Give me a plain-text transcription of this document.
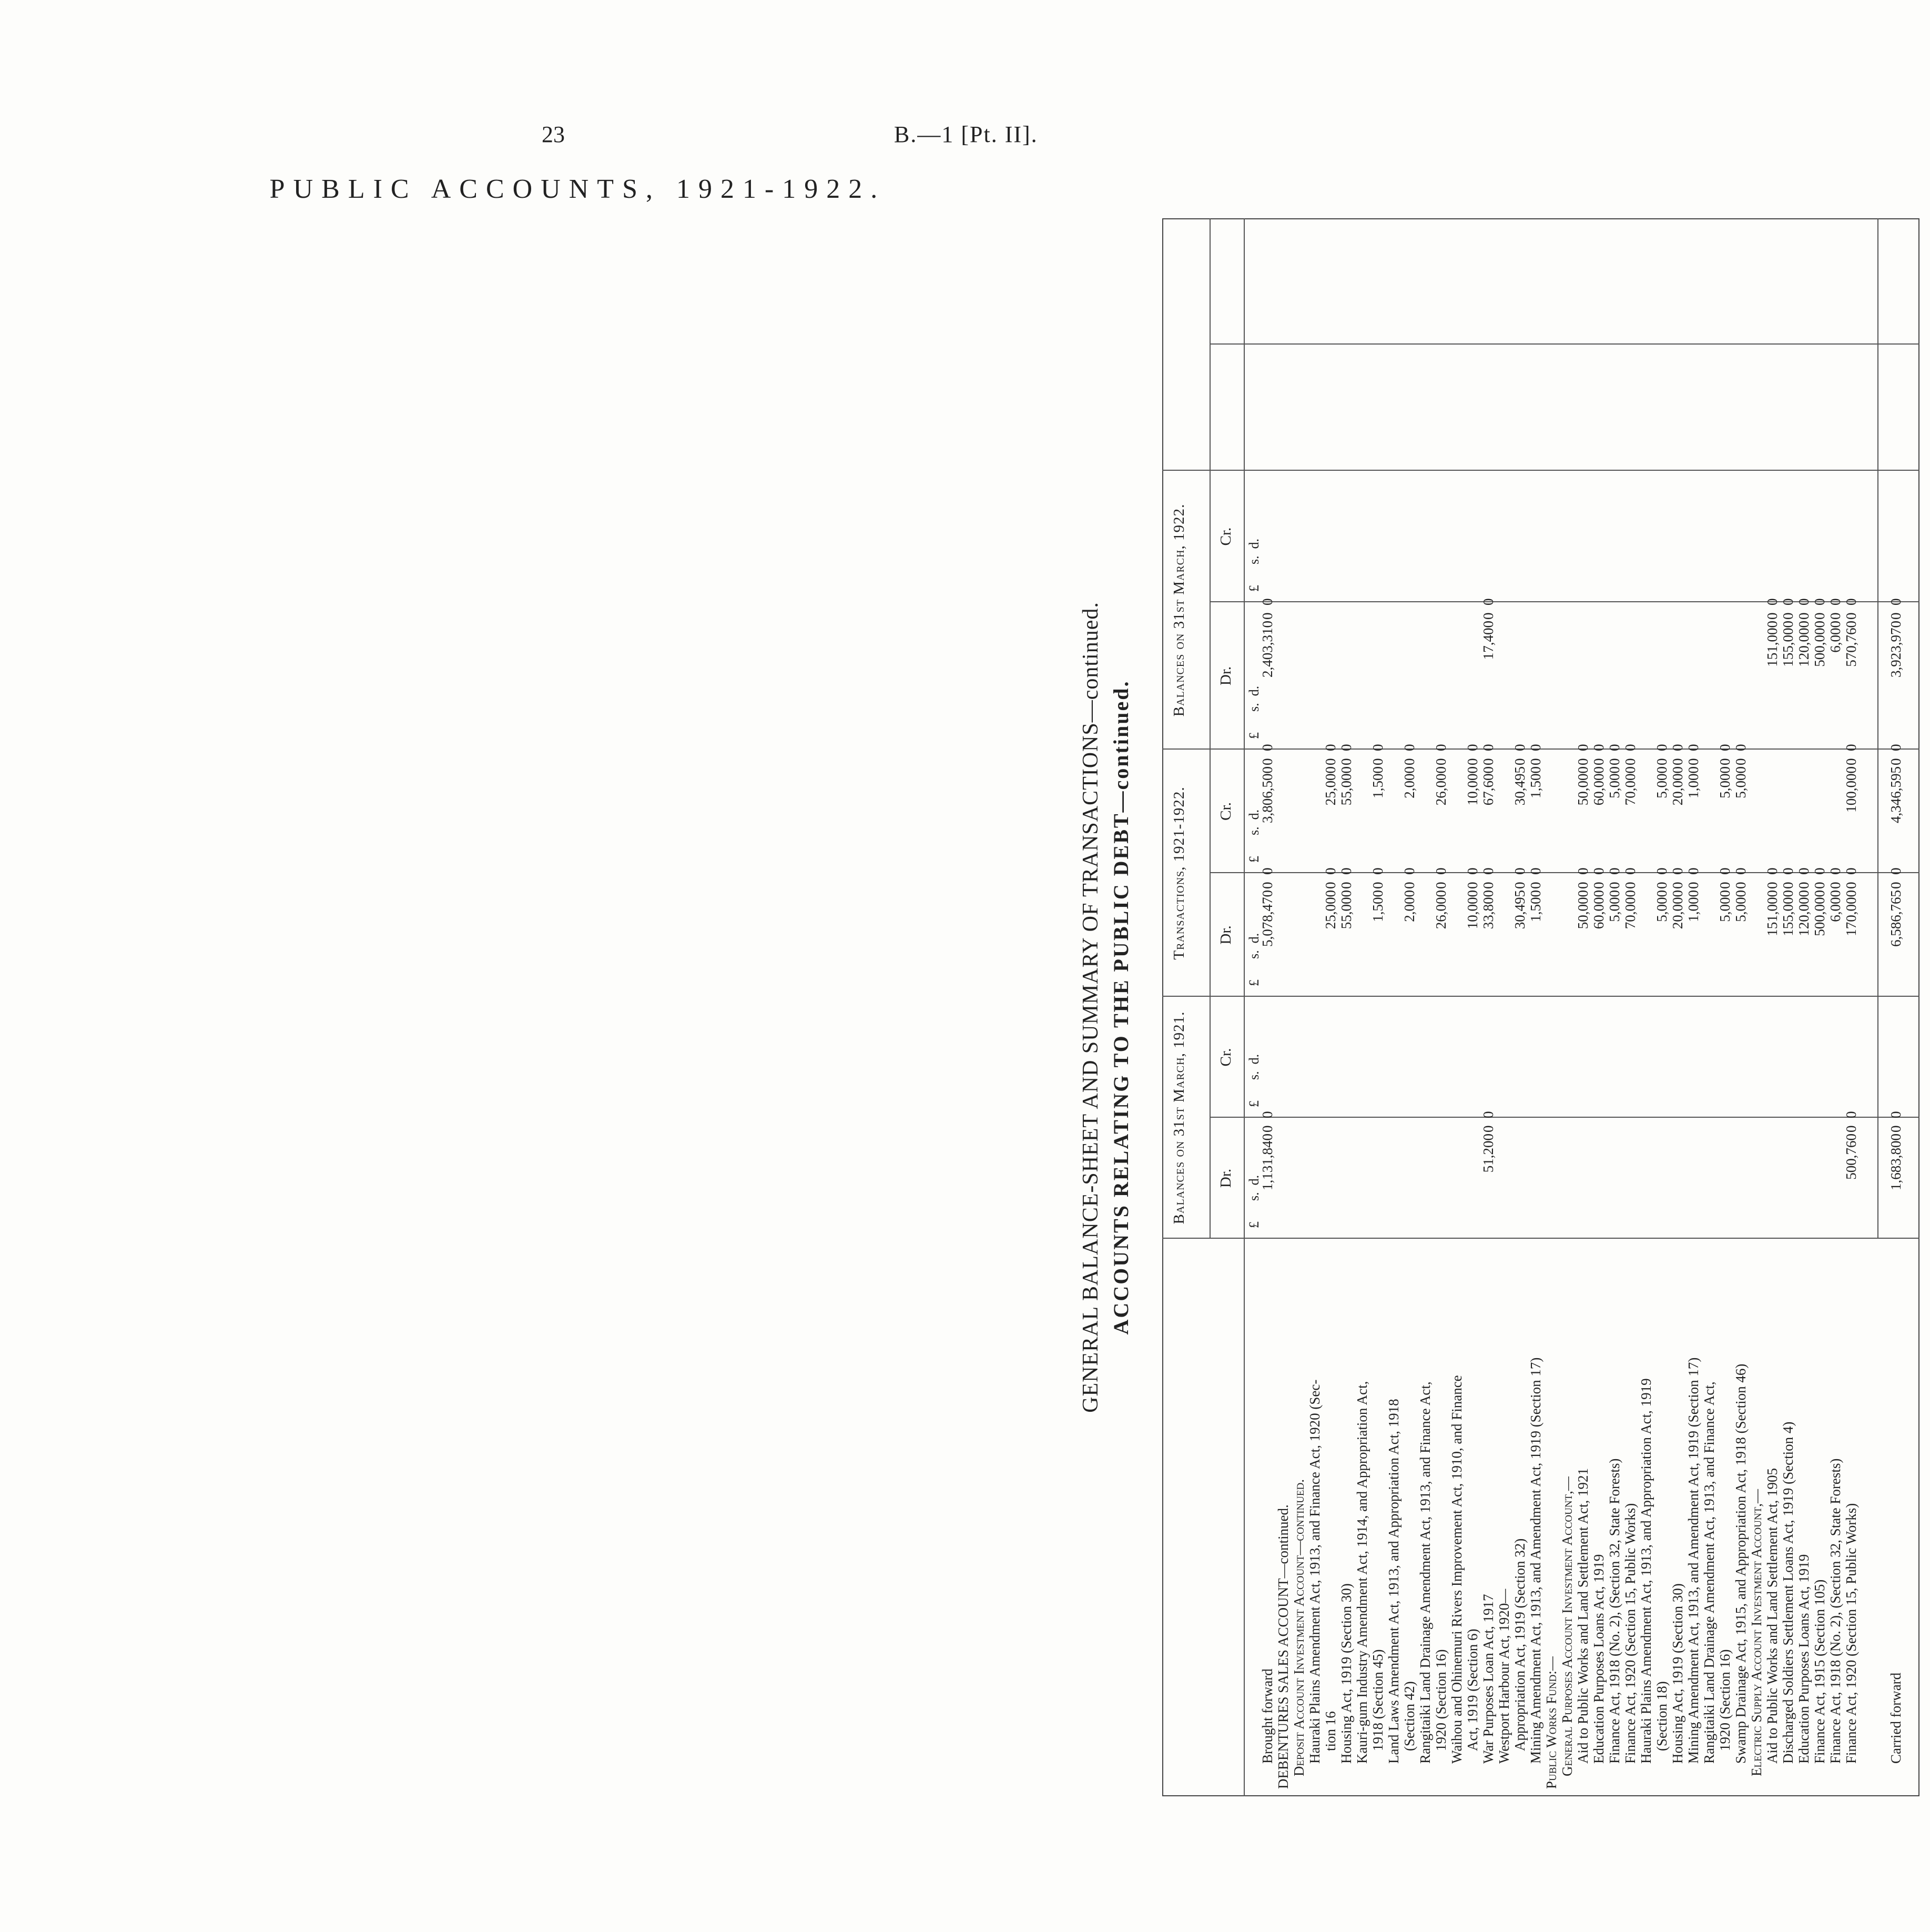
23	B.—1 [Pt. II].
PUBLIC ACCOUNTS, 1921-1922.
GENERAL BALANCE-SHEET AND SUMMARY OF TRANSACTIONS—continued. ACCOUNTS RELATING TO THE PUBLIC DEBT—continued. Balances on 31st March, 1921.
Transactions, 1921-1922.
Balances on 31st March, 1922.
Dr.
Cr.
Dr.
Cr.
Dr.
Cr.
£      s.  d.
£      s.  d.
£      s.  d.
£      s.  d.
£      s.  d.
£      s.  d.
Brought forward
1,131,840
0  0
5,078,470
0  0
3,806,500
0  0
2,403,310
0  0
DEBENTURES SALES ACCOUNT—continued. Deposit Account Investment Account—continued. Hauraki Plains Amendment Act, 1913, and Finance Act, 1920 (Sec- tion 16
25,000
0  0
25,000
0  0
Housing Act, 1919 (Section 30)
55,000
0  0
55,000
0  0
Kauri-gum Industry Amendment Act, 1914, and Appropriation Act, 1918 (Section 45)
1,500
0  0
1,500
0  0
Land Laws Amendment Act, 1913, and Appropriation Act, 1918 (Section 42)
2,000
0  0
2,000
0  0
Rangitaiki Land Drainage Amendment Act, 1913, and Finance Act, 1920 (Section 16)
26,000
0  0
26,000
0  0
Waihou and Ohinemuri Rivers Improvement Act, 1910, and Finance Act, 1919 (Section 6)
10,000
0  0
10,000
0  0
War Purposes Loan Act, 1917
51,200
0  0
33,800
0  0
67,600
0  0
17,400
0  0
Westport Harbour Act, 1920— Appropriation Act, 1919 (Section 32)
30,495
0  0
30,495
0  0
Mining Amendment Act, 1913, and Amendment Act, 1919 (Section 17)
1,500
0  0
1,500
0  0
Public Works Fund:— General Purposes Account Investment Account,— Aid to Public Works and Land Settlement Act, 1921
50,000
0  0
50,000
0  0
Education Purposes Loans Act, 1919
60,000
0  0
60,000
0  0
Finance Act, 1918 (No. 2), (Section 32, State Forests)
5,000
0  0
5,000
0  0
Finance Act, 1920 (Section 15, Public Works)
70,000
0  0
70,000
0  0
Hauraki Plains Amendment Act, 1913, and Appropriation Act, 1919 (Section 18)
5,000
0  0
5,000
0  0
Housing Act, 1919 (Section 30)
20,000
0  0
20,000
0  0
Mining Amendment Act, 1913, and Amendment Act, 1919 (Section 17)
1,000
0  0
1,000
0  0
Rangitaiki Land Drainage Amendment Act, 1913, and Finance Act, 1920 (Section 16)
5,000
0  0
5,000
0  0
Swamp Drainage Act, 1915, and Appropriation Act, 1918 (Section 46)
5,000
0  0
5,000
0  0
Electric Supply Account Investment Account,— Aid to Public Works and Land Settlement Act, 1905
151,000
0  0
151,000
0  0
Discharged Soldiers Settlement Loans Act, 1919 (Section 4)
155,000
0  0
155,000
0  0
Education Purposes Loans Act, 1919
120,000
0  0
120,000
0  0
Finance Act, 1915 (Section 105)
500,000
0  0
500,000
0  0
Finance Act, 1918 (No. 2), (Section 32, State Forests)
6,000
0  0
6,000
0  0
Finance Act, 1920 (Section 15, Public Works)
500,760
0  0
170,000
0  0
100,000
0  0
570,760
0  0
Carried forward
1,683,800
0  0
6,586,765
0  0
4,346,595
0  0
3,923,970
0  0
